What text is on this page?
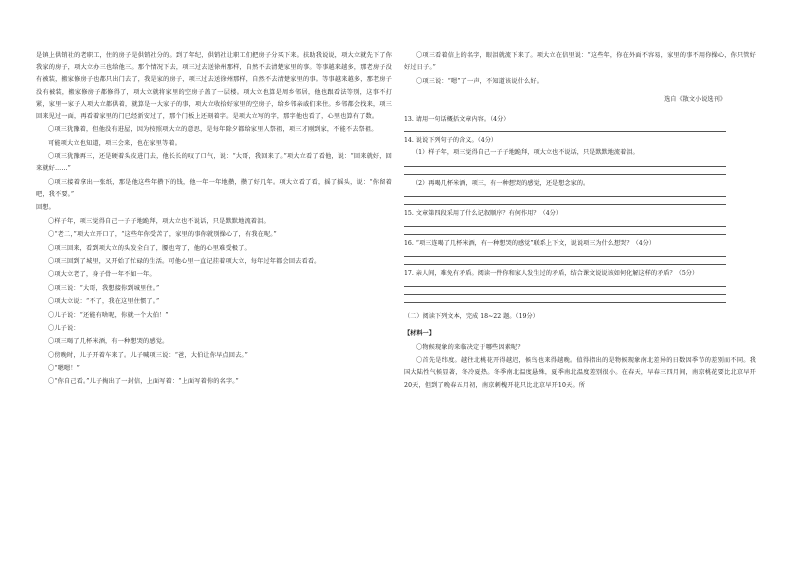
是镇上供销社的老职工，住的房子是供销社分的。到了年纪，供销社让职工们把房子分买下来。扶助我说说，项大立就先下了你我家的房子，项大立办三也给他三。那个情况下去，项三过去送徐州那样，自然不去清楚家里的事。等事越来越多，那老房子没有被装，搬家修房子也都只出门去了，我是家的房子，项三过去送徐州那样，自然不去清楚家里的事。等事越来越多，那老房子没有被装，搬家修房子都修得了，项大立就将家里的空房子盖了一层楼。项大立也算是周乡邻居，他也跟看法等别，这事不打紧，家里一家子人项大立都供着，就算是一大家子的事，项大立收拾好家里的空房子，给乡邻亲戚们来住。乡邻都会找来，项三回来见过一面，再看着家里的门已经新安过了，那个门板上还刻着字。是项大立写的字，那字他也看了，心里也算有了数。

〇项三犹豫着，但他没有进屋，因为按照项大立的意思，是每年除夕都给家里人祭祖，项三才刚到家，不能不去祭祖。

可能项大立也知道，项三会来，也在家里等着。

〇项三犹豫再三，还是硬着头皮进门去，他长长的叹了口气，说：“大哥，我回来了。”项大立看了看他，说：“回来就好，回来就好……”

〇项三接着拿出一张纸，那是他这些年攒下的钱，他一年一年地攒，攒了好几年。项大立看了看，摇了摇头，说：“你留着吧，我不要。”

回想。

〇样子年，项三觉得自己一子子地跪拜，项大立也不说话，只是默默地流着泪。

〇“老二，”项大立开口了，“这些年你受苦了，家里的事你就别操心了，有我在呢。”

〇项三回来，看到项大立的头发全白了，腰也弯了，他的心里难受极了。

〇项三回到了城里，又开始了忙碌的生活。可他心里一直记挂着项大立，每年过年都会回去看看。

〇项大立老了，身子骨一年不如一年。

〇项三说：“大哥，我想接你到城里住。”

〇项大立说：“不了，我在这里住惯了。”

〇儿子说：“还能有啥呢，你就一个大伯！”

〇儿子说：

〇项三喝了几杯米酒，有一种想哭的感觉。

〇傍晚时，儿子开着车来了。儿子喊项三说：“爸，大伯让你早点回去。”

〇“嗯嗯！”

〇“你自己看。”儿子掏出了一封信，上面写着：“上面写着你的名字。”

〇项三看着信上的名字，眼泪就流下来了。项大立在信里说：“这些年，你在外面不容易，家里的事不用你操心，你只管好好过日子。”

〇项三说：“嗯”了一声，不知道该说什么好。

选自《散文小说选刊》

13. 请用一句话概括文章内容。（4分）

14. 说说下列句子的含义。（4分）

（1）样子年，项三觉得自己一子子地跪拜，项大立也不说话，只是默默地流着泪。

（2）再喝几杯米酒，项三，有一种想哭的感觉，还是想念家的。

15. 文章第四段采用了什么记叙顺序？有何作用？（4分）

16. “项三连喝了几杯米酒，有一种想哭的感觉”联系上下文，说说项三为什么想哭？（4分）

17. 亲人间，难免有矛盾。阅读一件你和家人发生过的矛盾，结合课文说说该如何化解这样的矛盾？（5分）

（二）阅读下列文本，完成 18~22 题。（19分）

【材料一】

〇物候现象的来临决定于哪些因素呢？

〇首先是纬度。越往北桃花开得越迟，候鸟也来得越晚。值得指出的是物候现象南北差异的日数因季节的差别而不同。我国大陆性气候显著，冬冷夏热。冬季南北温度悬殊，夏季南北温度差别很小。在春天，早春三四月间，南京桃花要比北京早开20天，但到了晚春五月初，南京刺槐开花只比北京早开10天。所
